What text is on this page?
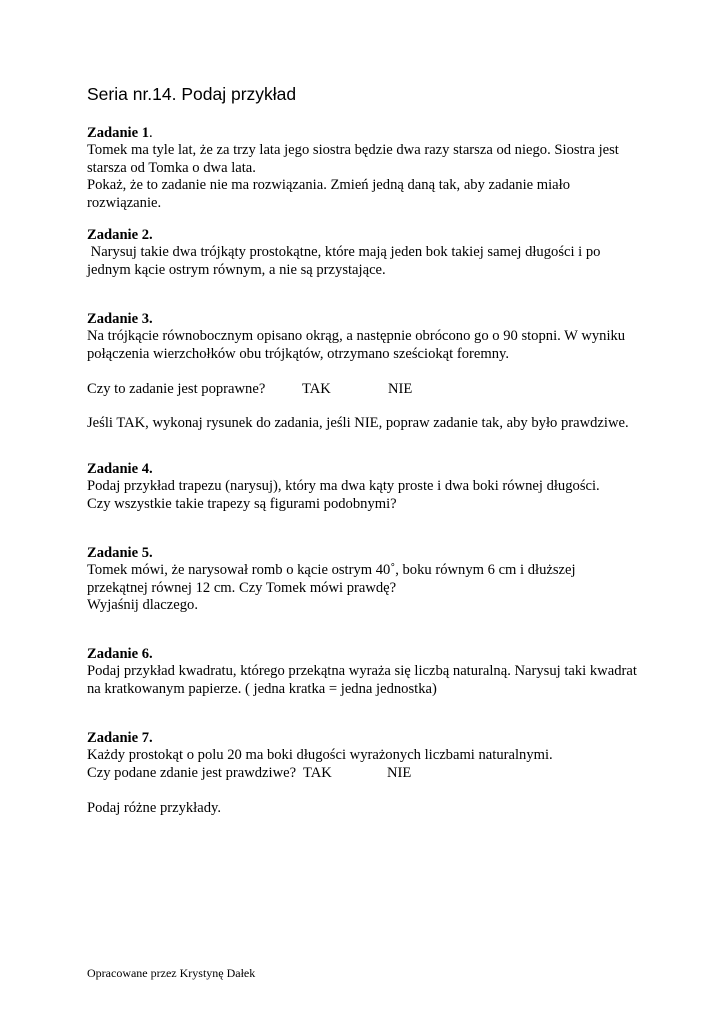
Seria nr.14. Podaj przykład
Zadanie 1.
Tomek ma tyle lat, że za trzy lata jego siostra będzie dwa razy starsza od niego. Siostra jest
starsza od Tomka o dwa lata.
Pokaż, że to zadanie nie ma rozwiązania. Zmień jedną daną tak, aby zadanie miało
rozwiązanie.
Zadanie 2.
Narysuj takie dwa trójkąty prostokątne, które mają jeden bok takiej samej długości i po
jednym kącie ostrym równym, a nie są przystające.
Zadanie 3.
Na trójkącie równobocznym opisano okrąg, a następnie obrócono go o 90 stopni. W wyniku
połączenia wierzchołków obu trójkątów, otrzymano sześciokąt foremny.
Czy to zadanie jest poprawne?	TAK	NIE
Jeśli TAK, wykonaj rysunek do zadania, jeśli NIE, popraw zadanie tak, aby było prawdziwe.
Zadanie 4.
Podaj przykład trapezu (narysuj), który ma dwa kąty proste i dwa boki równej długości.
Czy wszystkie takie trapezy są figurami podobnymi?
Zadanie 5.
Tomek mówi, że narysował romb o kącie ostrym 40˚, boku równym 6 cm i dłuższej
przekątnej równej 12 cm. Czy Tomek mówi prawdę?
Wyjaśnij dlaczego.
Zadanie 6.
Podaj przykład kwadratu, którego przekątna wyraża się liczbą naturalną. Narysuj taki kwadrat
na kratkowanym papierze. ( jedna kratka = jedna jednostka)
Zadanie 7.
Każdy prostokąt o polu 20 ma boki długości wyrażonych liczbami naturalnymi.
Czy podane zdanie jest prawdziwe? TAK	NIE
Podaj różne przykłady.
Opracowane przez Krystynę Dałek
